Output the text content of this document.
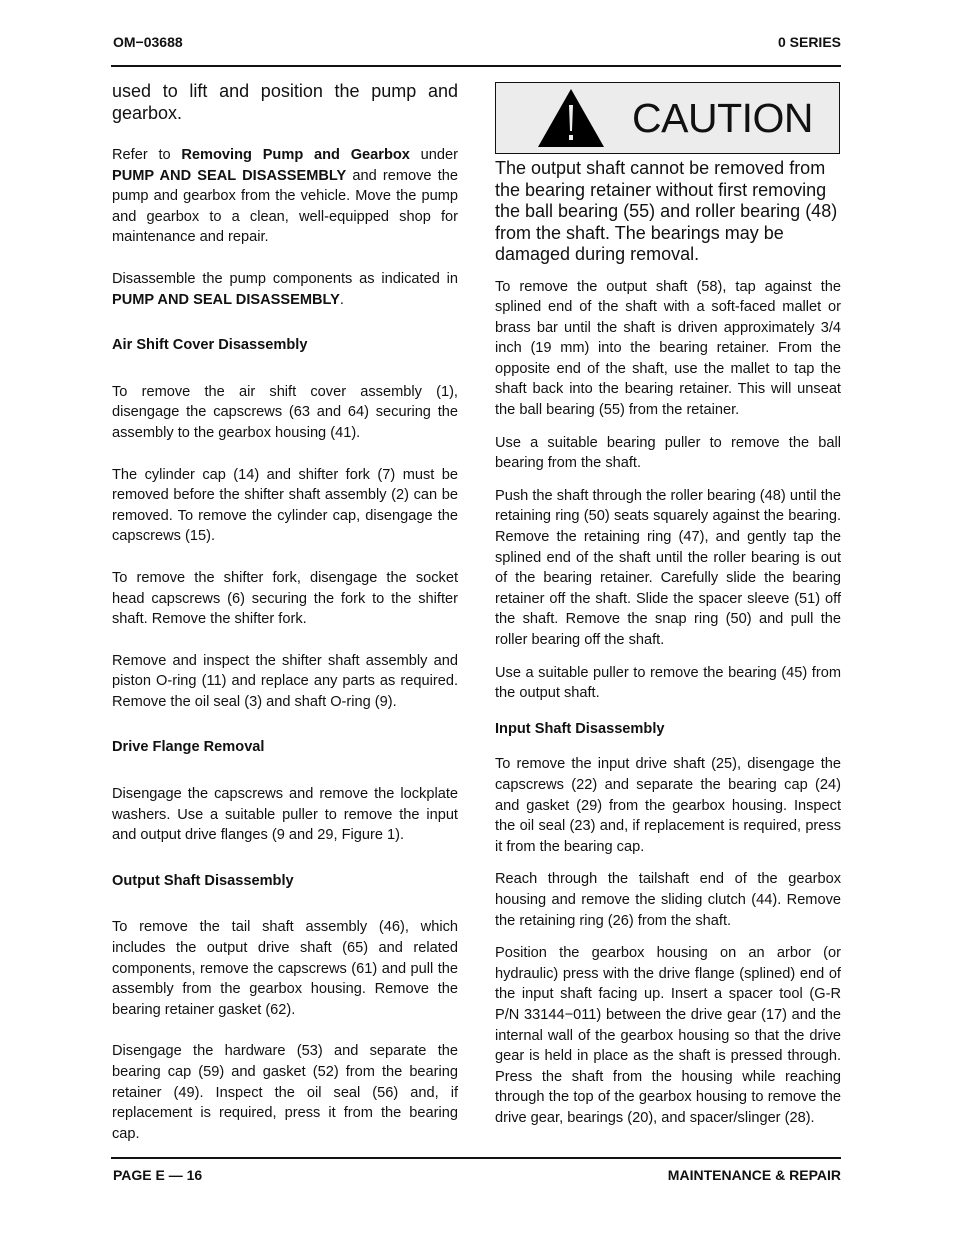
OM−03688	0 SERIES

used to lift and position the pump and gearbox.

Refer to Removing Pump and Gearbox under PUMP AND SEAL DISASSEMBLY and remove the pump and gearbox from the vehicle. Move the pump and gearbox to a clean, well-equipped shop for maintenance and repair.

Disassemble the pump components as indicated in PUMP AND SEAL DISASSEMBLY.

Air Shift Cover Disassembly

To remove the air shift cover assembly (1), disengage the capscrews (63 and 64) securing the assembly to the gearbox housing (41).

The cylinder cap (14) and shifter fork (7) must be removed before the shifter shaft assembly (2) can be removed. To remove the cylinder cap, disengage the capscrews (15).

To remove the shifter fork, disengage the socket head capscrews (6) securing the fork to the shifter shaft. Remove the shifter fork.

Remove and inspect the shifter shaft assembly and piston O-ring (11) and replace any parts as required. Remove the oil seal (3) and shaft O-ring (9).

Drive Flange Removal

Disengage the capscrews and remove the lockplate washers. Use a suitable puller to remove the input and output drive flanges (9 and 29, Figure 1).

Output Shaft Disassembly

To remove the tail shaft assembly (46), which includes the output drive shaft (65) and related components, remove the capscrews (61) and pull the assembly from the gearbox housing. Remove the bearing retainer gasket (62).

Disengage the hardware (53) and separate the bearing cap (59) and gasket (52) from the bearing retainer (49). Inspect the oil seal (56) and, if replacement is required, press it from the bearing cap.

CAUTION

The output shaft cannot be removed from the bearing retainer without first removing the ball bearing (55) and roller bearing (48) from the shaft. The bearings may be damaged during removal.

To remove the output shaft (58), tap against the splined end of the shaft with a soft-faced mallet or brass bar until the shaft is driven approximately 3/4 inch (19 mm) into the bearing retainer. From the opposite end of the shaft, use the mallet to tap the shaft back into the bearing retainer. This will unseat the ball bearing (55) from the retainer.

Use a suitable bearing puller to remove the ball bearing from the shaft.

Push the shaft through the roller bearing (48) until the retaining ring (50) seats squarely against the bearing. Remove the retaining ring (47), and gently tap the splined end of the shaft until the roller bearing is out of the bearing retainer. Carefully slide the bearing retainer off the shaft. Slide the spacer sleeve (51) off the shaft. Remove the snap ring (50) and pull the roller bearing off the shaft.

Use a suitable puller to remove the bearing (45) from the output shaft.

Input Shaft Disassembly

To remove the input drive shaft (25), disengage the capscrews (22) and separate the bearing cap (24) and gasket (29) from the gearbox housing. Inspect the oil seal (23) and, if replacement is required, press it from the bearing cap.

Reach through the tailshaft end of the gearbox housing and remove the sliding clutch (44). Remove the retaining ring (26) from the shaft.

Position the gearbox housing on an arbor (or hydraulic) press with the drive flange (splined) end of the input shaft facing up. Insert a spacer tool (G-R P/N 33144−011) between the drive gear (17) and the internal wall of the gearbox housing so that the drive gear is held in place as the shaft is pressed through. Press the shaft from the housing while reaching through the top of the gearbox housing to remove the drive gear, bearings (20), and spacer/slinger (28).

PAGE E — 16	MAINTENANCE & REPAIR
